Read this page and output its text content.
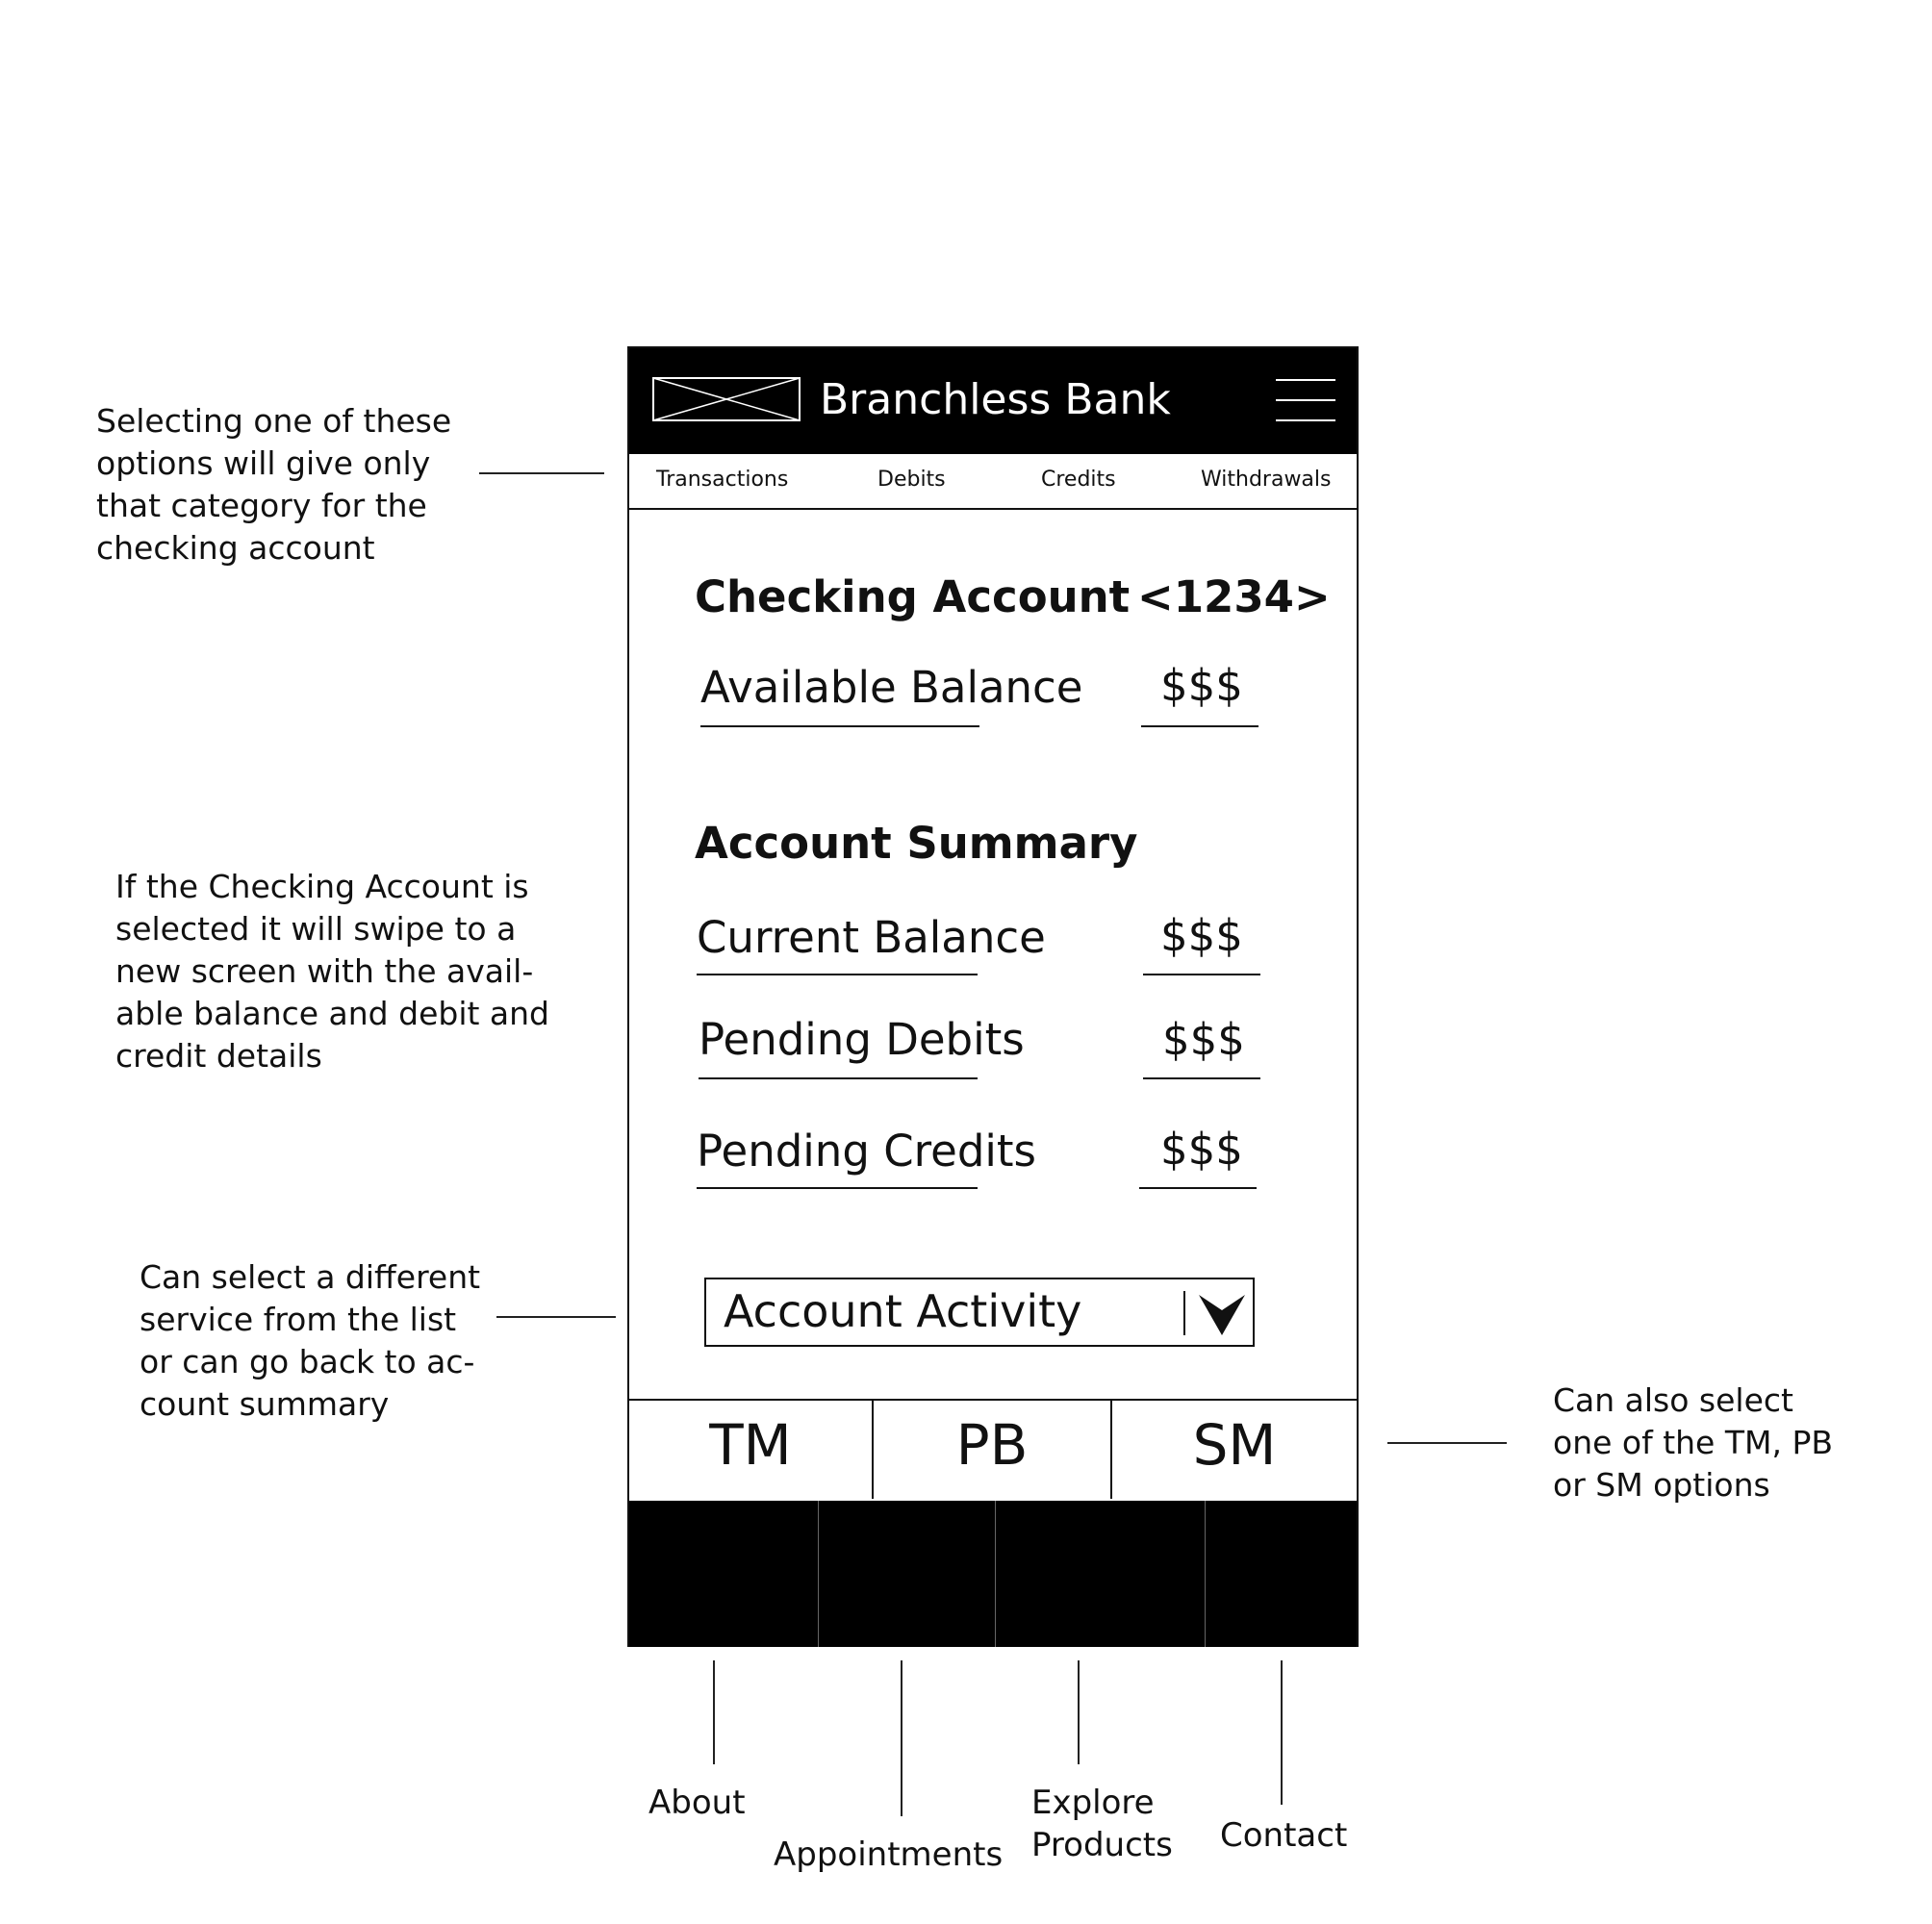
Selecting one of these
options will give only
that category for the
checking account
If the Checking Account is
selected it will swipe to a
new screen with the avail-
able balance and debit and
credit details
Can select a different
service from the list
or can go back to ac-
count summary	Can also select
one of the TM, PB
or SM options
Branchless Bank
Transactions	Debits	Credits	Withdrawals
Checking Account <1234>
Available Balance $$$
Account Summary
Current Balance	$$$
Pending Debits	$$$
Pending Credits	$$$
Account Activity
TM	PB	SM
About
Appointments
Explore
Products Contact
